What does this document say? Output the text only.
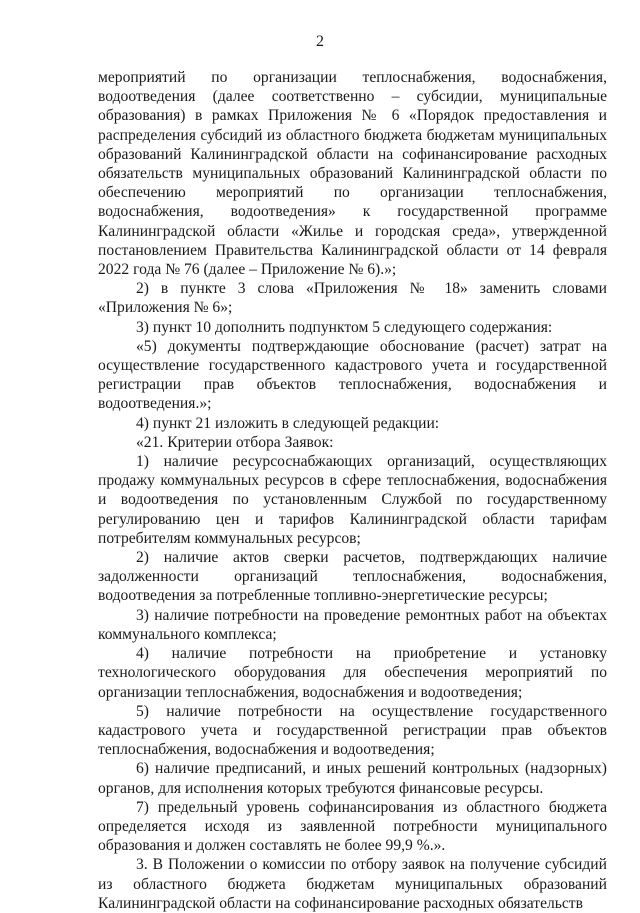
2

мероприятий по организации теплоснабжения, водоснабжения, водоотведения (далее соответственно – субсидии, муниципальные образования) в рамках Приложения № 6 «Порядок предоставления и распределения субсидий из областного бюджета бюджетам муниципальных образований Калининградской области на софинансирование расходных обязательств муниципальных образований Калининградской области по обеспечению мероприятий по организации теплоснабжения, водоснабжения, водоотведения» к государственной программе Калининградской области «Жилье и городская среда», утвержденной постановлением Правительства Калининградской области от 14 февраля 2022 года № 76 (далее – Приложение № 6).»;

2) в пункте 3 слова «Приложения № 18» заменить словами «Приложения № 6»;

3) пункт 10 дополнить подпунктом 5 следующего содержания:

«5) документы подтверждающие обоснование (расчет) затрат на осуществление государственного кадастрового учета и государственной регистрации прав объектов теплоснабжения, водоснабжения и водоотведения.»;

4) пункт 21 изложить в следующей редакции:

«21. Критерии отбора Заявок:

1) наличие ресурсоснабжающих организаций, осуществляющих продажу коммунальных ресурсов в сфере теплоснабжения, водоснабжения и водоотведения по установленным Службой по государственному регулированию цен и тарифов Калининградской области тарифам потребителям коммунальных ресурсов;

2) наличие актов сверки расчетов, подтверждающих наличие задолженности организаций теплоснабжения, водоснабжения, водоотведения за потребленные топливно-энергетические ресурсы;

3) наличие потребности на проведение ремонтных работ на объектах коммунального комплекса;

4) наличие потребности на приобретение и установку технологического оборудования для обеспечения мероприятий по организации теплоснабжения, водоснабжения и водоотведения;

5) наличие потребности на осуществление государственного кадастрового учета и государственной регистрации прав объектов теплоснабжения, водоснабжения и водоотведения;

6) наличие предписаний, и иных решений контрольных (надзорных) органов, для исполнения которых требуются финансовые ресурсы.

7) предельный уровень софинансирования из областного бюджета определяется исходя из заявленной потребности муниципального образования и должен составлять не более 99,9 %.».

3. В Положении о комиссии по отбору заявок на получение субсидий из областного бюджета бюджетам муниципальных образований Калининградской области на софинансирование расходных обязательств
